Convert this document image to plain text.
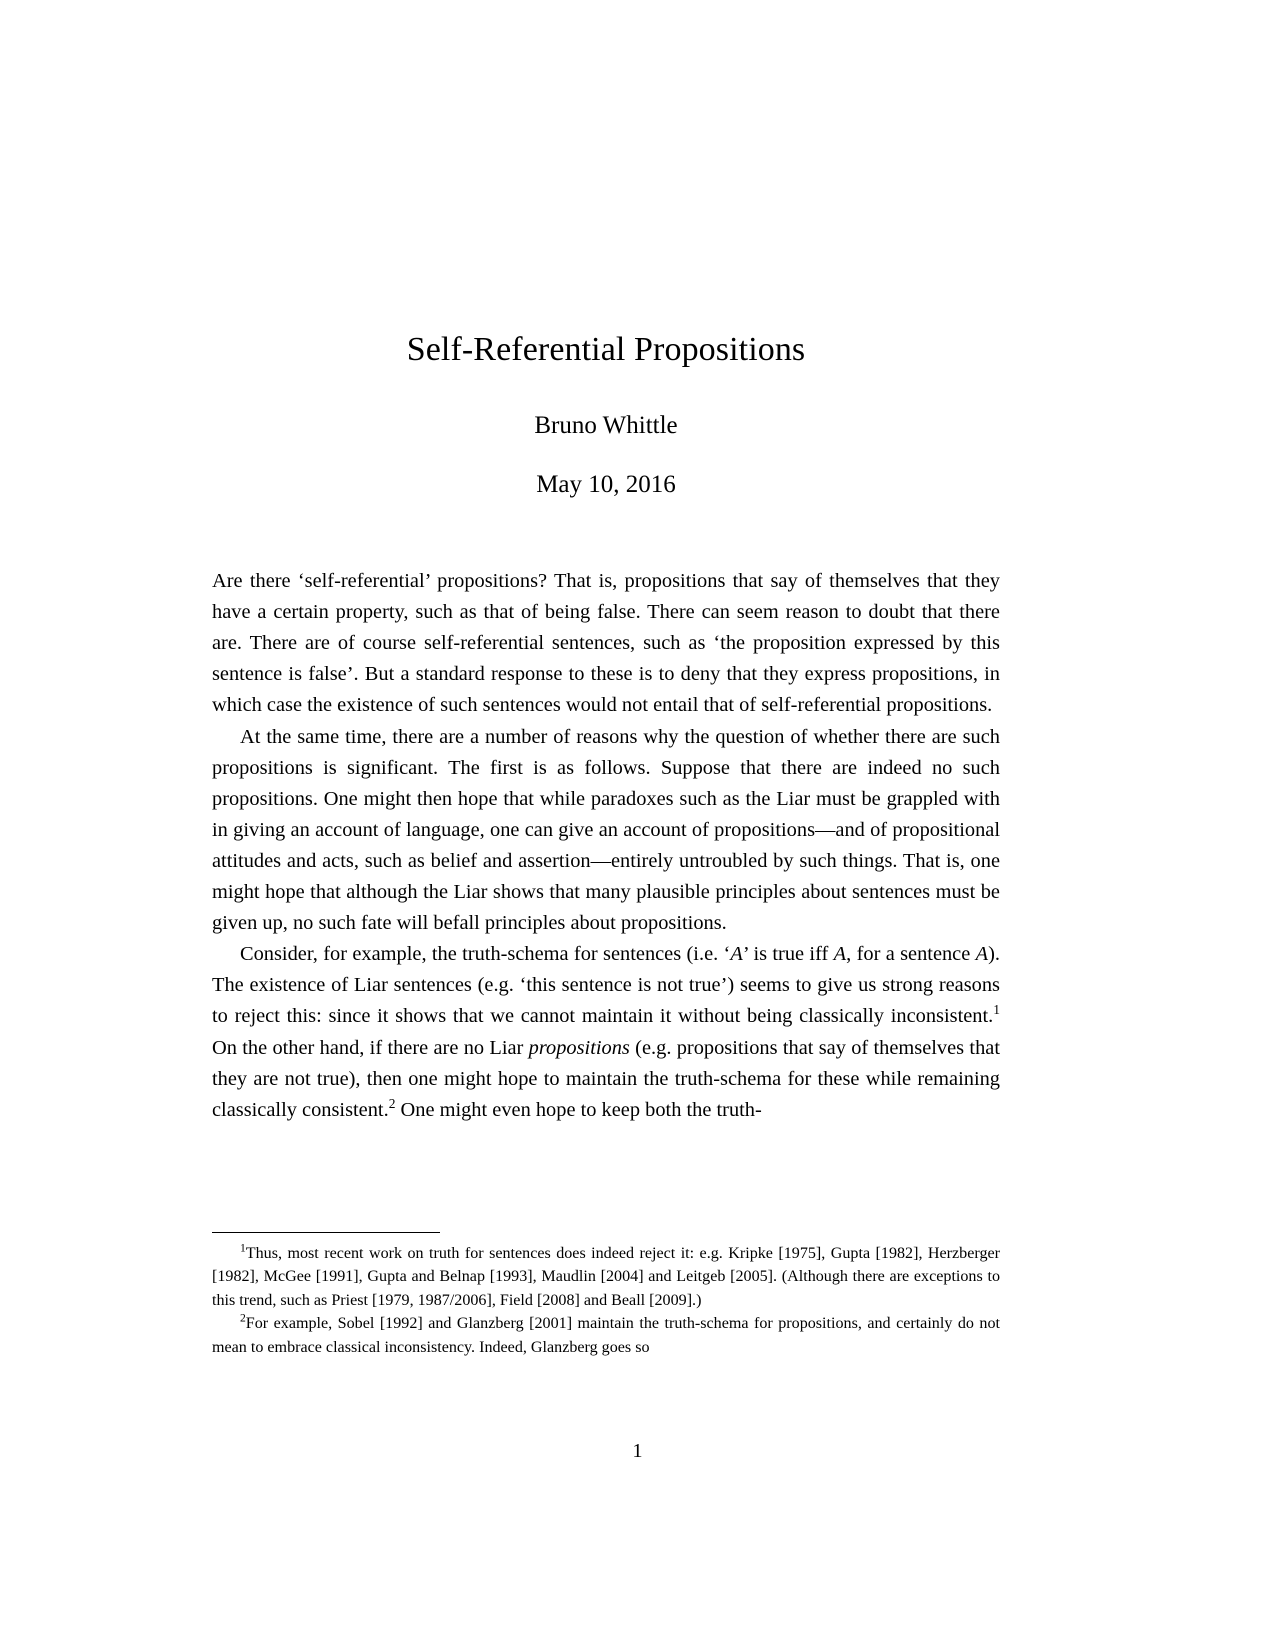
Self-Referential Propositions
Bruno Whittle
May 10, 2016

Are there ‘self-referential’ propositions? That is, propositions that say of themselves that they have a certain property, such as that of being false. There can seem reason to doubt that there are. There are of course self-referential sentences, such as ‘the proposition expressed by this sentence is false’. But a standard response to these is to deny that they express propositions, in which case the existence of such sentences would not entail that of self-referential propositions.

At the same time, there are a number of reasons why the question of whether there are such propositions is significant. The first is as follows. Suppose that there are indeed no such propositions. One might then hope that while paradoxes such as the Liar must be grappled with in giving an account of language, one can give an account of propositions—and of propositional attitudes and acts, such as belief and assertion—entirely untroubled by such things. That is, one might hope that although the Liar shows that many plausible principles about sentences must be given up, no such fate will befall principles about propositions.

Consider, for example, the truth-schema for sentences (i.e. ‘A’ is true iff A, for a sentence A). The existence of Liar sentences (e.g. ‘this sentence is not true’) seems to give us strong reasons to reject this: since it shows that we cannot maintain it without being classically inconsistent.$^1$ On the other hand, if there are no Liar propositions (e.g. propositions that say of themselves that they are not true), then one might hope to maintain the truth-schema for these while remaining classically consistent.$^2$ One might even hope to keep both the truth-

$^1$Thus, most recent work on truth for sentences does indeed reject it: e.g. Kripke [1975], Gupta [1982], Herzberger [1982], McGee [1991], Gupta and Belnap [1993], Maudlin [2004] and Leitgeb [2005]. (Although there are exceptions to this trend, such as Priest [1979, 1987/2006], Field [2008] and Beall [2009].)

$^2$For example, Sobel [1992] and Glanzberg [2001] maintain the truth-schema for propositions, and certainly do not mean to embrace classical inconsistency. Indeed, Glanzberg goes so

1
